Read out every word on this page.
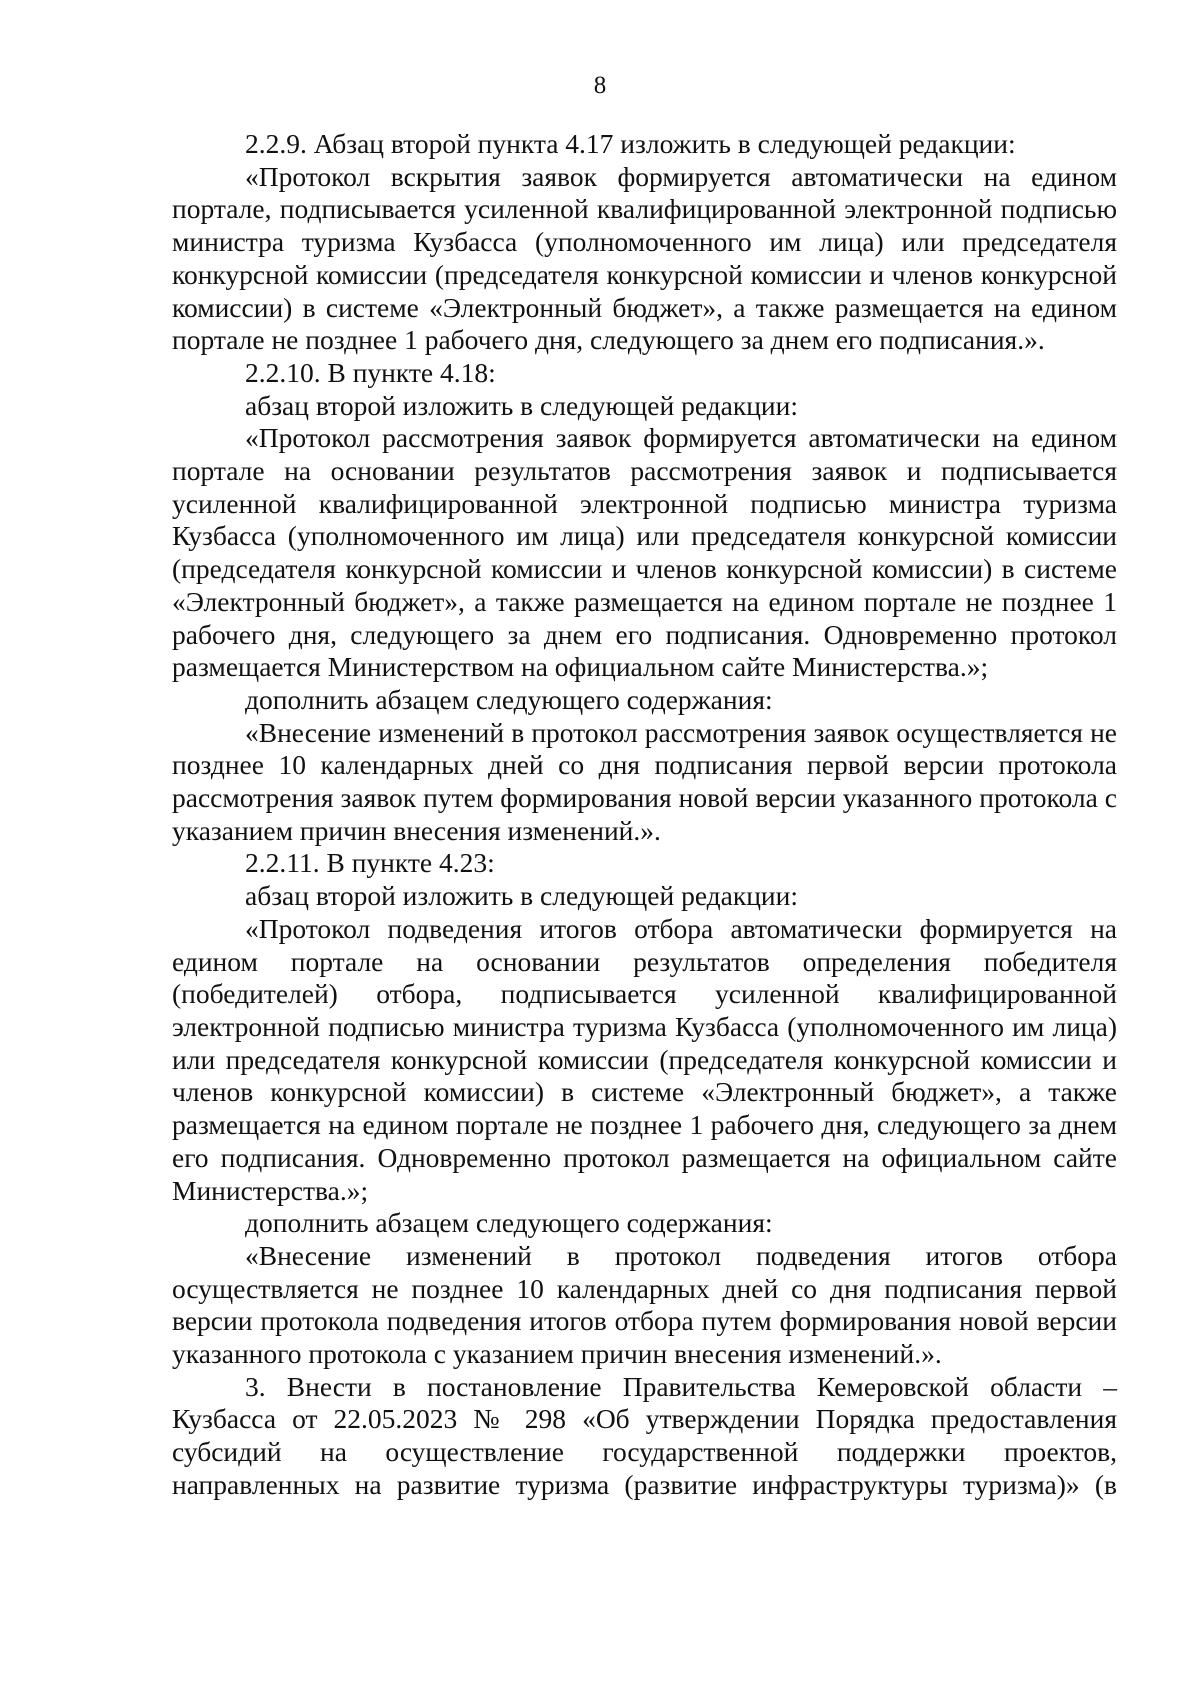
8

2.2.9. Абзац второй пункта 4.17 изложить в следующей редакции:

«Протокол вскрытия заявок формируется автоматически на едином портале, подписывается усиленной квалифицированной электронной подписью министра туризма Кузбасса (уполномоченного им лица) или председателя конкурсной комиссии (председателя конкурсной комиссии и членов конкурсной комиссии) в системе «Электронный бюджет», а также размещается на едином портале не позднее 1 рабочего дня, следующего за днем его подписания.».

2.2.10. В пункте 4.18:

абзац второй изложить в следующей редакции:

«Протокол рассмотрения заявок формируется автоматически на едином портале на основании результатов рассмотрения заявок и подписывается усиленной квалифицированной электронной подписью министра туризма Кузбасса (уполномоченного им лица) или председателя конкурсной комиссии (председателя конкурсной комиссии и членов конкурсной комиссии) в системе «Электронный бюджет», а также размещается на едином портале не позднее 1 рабочего дня, следующего за днем его подписания. Одновременно протокол размещается Министерством на официальном сайте Министерства.»;

дополнить абзацем следующего содержания:

«Внесение изменений в протокол рассмотрения заявок осуществляется не позднее 10 календарных дней со дня подписания первой версии протокола рассмотрения заявок путем формирования новой версии указанного протокола с указанием причин внесения изменений.».

2.2.11. В пункте 4.23:

абзац второй изложить в следующей редакции:

«Протокол подведения итогов отбора автоматически формируется на едином портале на основании результатов определения победителя (победителей) отбора, подписывается усиленной квалифицированной электронной подписью министра туризма Кузбасса (уполномоченного им лица) или председателя конкурсной комиссии (председателя конкурсной комиссии и членов конкурсной комиссии) в системе «Электронный бюджет», а также размещается на едином портале не позднее 1 рабочего дня, следующего за днем его подписания. Одновременно протокол размещается на официальном сайте Министерства.»;

дополнить абзацем следующего содержания:

«Внесение изменений в протокол подведения итогов отбора осуществляется не позднее 10 календарных дней со дня подписания первой версии протокола подведения итогов отбора путем формирования новой версии указанного протокола с указанием причин внесения изменений.».

3. Внести в постановление Правительства Кемеровской области – Кузбасса от 22.05.2023 № 298 «Об утверждении Порядка предоставления субсидий на осуществление государственной поддержки проектов, направленных на развитие туризма (развитие инфраструктуры туризма)» (в
